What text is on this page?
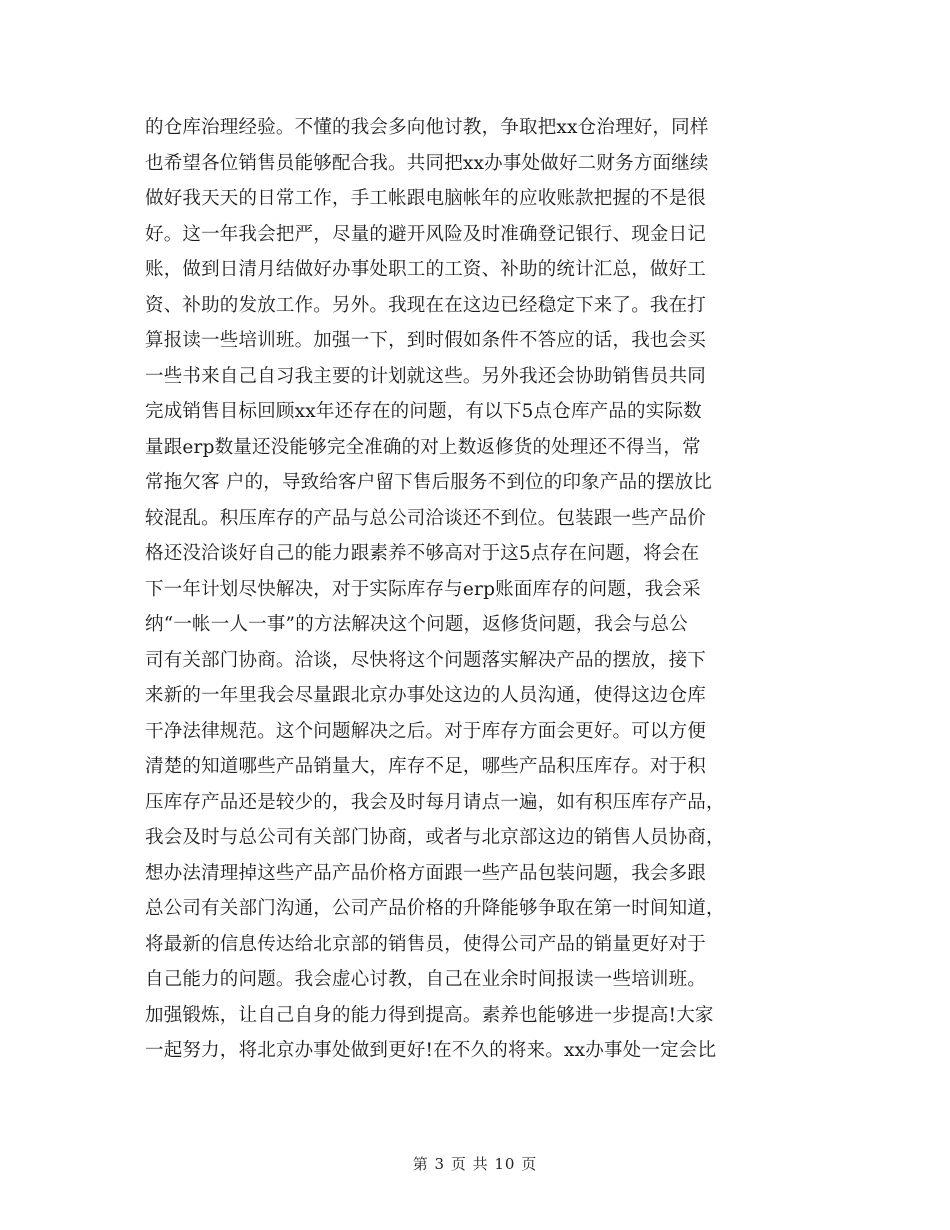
的仓库治理经验。不懂的我会多向他讨教，争取把xx仓治理好，同样
也希望各位销售员能够配合我。共同把xx办事处做好二财务方面继续
做好我天天的日常工作，手工帐跟电脑帐年的应收账款把握的不是很
好。这一年我会把严，尽量的避开风险及时准确登记银行、现金日记
账，做到日清月结做好办事处职工的工资、补助的统计汇总，做好工
资、补助的发放工作。另外。我现在在这边已经稳定下来了。我在打
算报读一些培训班。加强一下，到时假如条件不答应的话，我也会买
一些书来自己自习我主要的计划就这些。另外我还会协助销售员共同
完成销售目标回顾xx年还存在的问题，有以下5点仓库产品的实际数
量跟erp数量还没能够完全准确的对上数返修货的处理还不得当，常
常拖欠客 户的，导致给客户留下售后服务不到位的印象产品的摆放比
较混乱。积压库存的产品与总公司洽谈还不到位。包装跟一些产品价
格还没洽谈好自己的能力跟素养不够高对于这5点存在问题，将会在
下一年计划尽快解决，对于实际库存与erp账面库存的问题，我会采
纳“一帐一人一事”的方法解决这个问题，返修货问题，我会与总公
司有关部门协商。洽谈，尽快将这个问题落实解决产品的摆放，接下
来新的一年里我会尽量跟北京办事处这边的人员沟通，使得这边仓库
干净法律规范。这个问题解决之后。对于库存方面会更好。可以方便
清楚的知道哪些产品销量大，库存不足，哪些产品积压库存。对于积
压库存产品还是较少的，我会及时每月请点一遍，如有积压库存产品，
我会及时与总公司有关部门协商，或者与北京部这边的销售人员协商，
想办法清理掉这些产品产品价格方面跟一些产品包装问题，我会多跟
总公司有关部门沟通，公司产品价格的升降能够争取在第一时间知道，
将最新的信息传达给北京部的销售员，使得公司产品的销量更好对于
自己能力的问题。我会虚心讨教，自己在业余时间报读一些培训班。
加强锻炼，让自己自身的能力得到提高。素养也能够进一步提高!大家
一起努力，将北京办事处做到更好!在不久的将来。xx办事处一定会比
第 3 页 共 10 页
